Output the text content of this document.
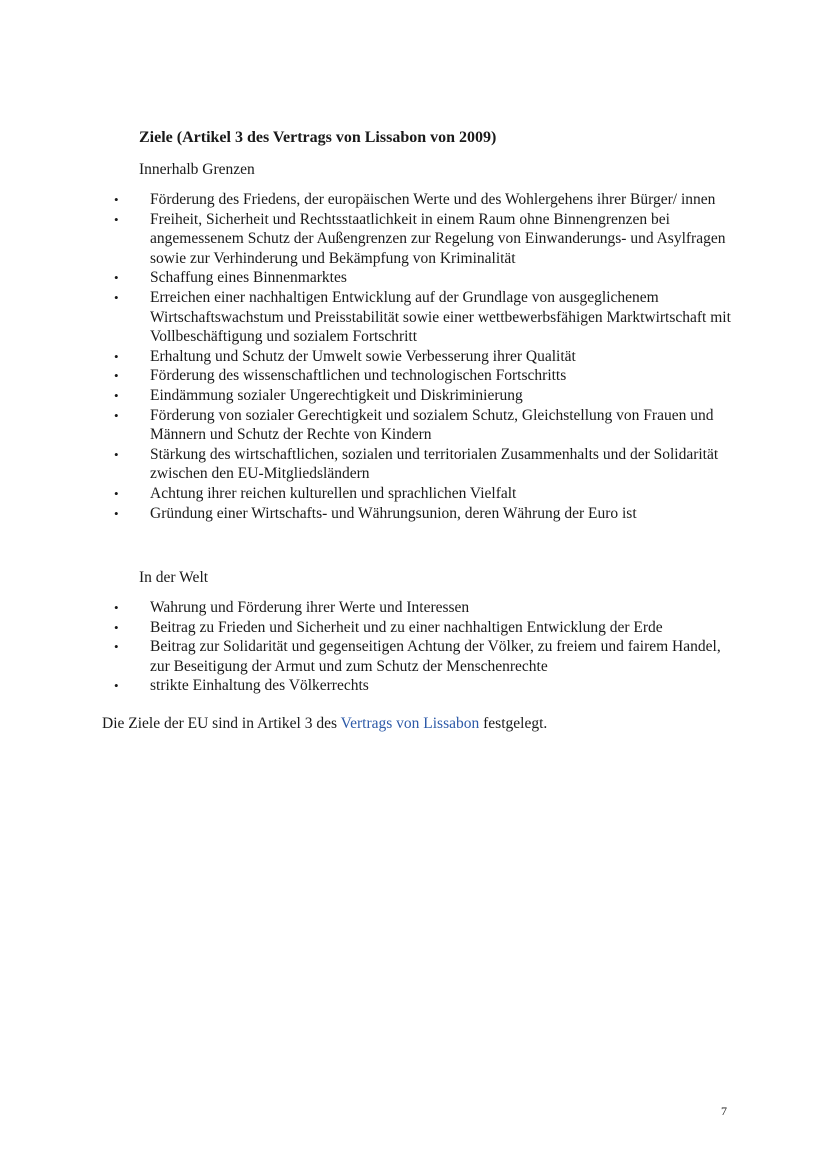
Ziele (Artikel 3 des Vertrags von Lissabon von 2009)

Innerhalb Grenzen

• Förderung des Friedens, der europäischen Werte und des Wohlergehens ihrer Bürger/ innen
• Freiheit, Sicherheit und Rechtsstaatlichkeit in einem Raum ohne Binnengrenzen bei angemessenem Schutz der Außengrenzen zur Regelung von Einwanderungs- und Asylfragen sowie zur Verhinderung und Bekämpfung von Kriminalität
• Schaffung eines Binnenmarktes
• Erreichen einer nachhaltigen Entwicklung auf der Grundlage von ausgeglichenem Wirtschaftswachstum und Preisstabilität sowie einer wettbewerbsfähigen Marktwirtschaft mit Vollbeschäftigung und sozialem Fortschritt
• Erhaltung und Schutz der Umwelt sowie Verbesserung ihrer Qualität
• Förderung des wissenschaftlichen und technologischen Fortschritts
• Eindämmung sozialer Ungerechtigkeit und Diskriminierung
• Förderung von sozialer Gerechtigkeit und sozialem Schutz, Gleichstellung von Frauen und Männern und Schutz der Rechte von Kindern
• Stärkung des wirtschaftlichen, sozialen und territorialen Zusammenhalts und der Solidarität zwischen den EU-Mitgliedsländern
• Achtung ihrer reichen kulturellen und sprachlichen Vielfalt
• Gründung einer Wirtschafts- und Währungsunion, deren Währung der Euro ist

In der Welt

• Wahrung und Förderung ihrer Werte und Interessen
• Beitrag zu Frieden und Sicherheit und zu einer nachhaltigen Entwicklung der Erde
• Beitrag zur Solidarität und gegenseitigen Achtung der Völker, zu freiem und fairem Handel, zur Beseitigung der Armut und zum Schutz der Menschenrechte
• strikte Einhaltung des Völkerrechts

Die Ziele der EU sind in Artikel 3 des Vertrags von Lissabon festgelegt.

7
